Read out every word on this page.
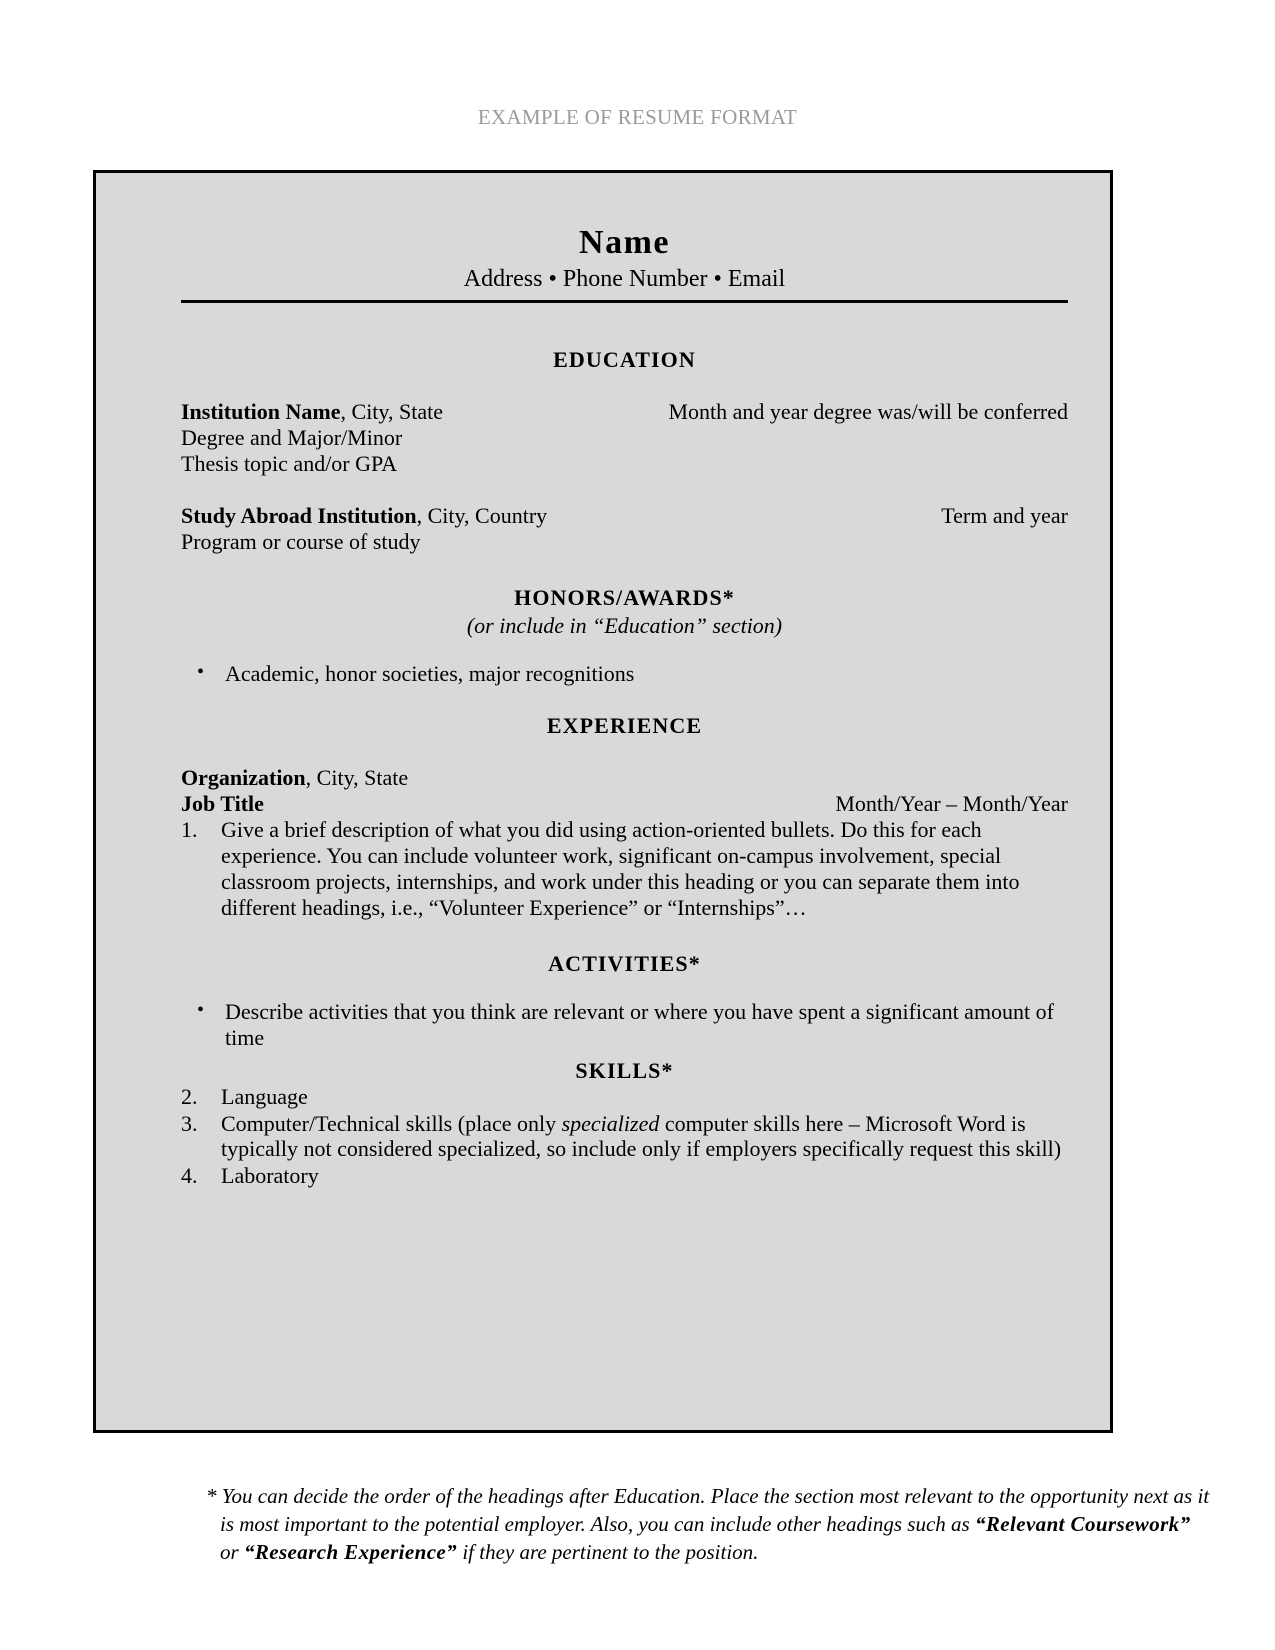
EXAMPLE OF RESUME FORMAT
Name
Address • Phone Number • Email
EDUCATION
Institution Name, City, State	Month and year degree was/will be conferred
Degree and Major/Minor
Thesis topic and/or GPA
Study Abroad Institution, City, Country	Term and year
Program or course of study
HONORS/AWARDS*
(or include in “Education” section)
• Academic, honor societies, major recognitions
EXPERIENCE
Organization, City, State
Job Title	Month/Year – Month/Year
1. Give a brief description of what you did using action-oriented bullets. Do this for each experience. You can include volunteer work, significant on-campus involvement, special classroom projects, internships, and work under this heading or you can separate them into different headings, i.e., “Volunteer Experience” or “Internships”…
ACTIVITIES*
• Describe activities that you think are relevant or where you have spent a significant amount of time
SKILLS*
2. Language
3. Computer/Technical skills (place only specialized computer skills here – Microsoft Word is typically not considered specialized, so include only if employers specifically request this skill)
4. Laboratory
* You can decide the order of the headings after Education. Place the section most relevant to the opportunity next as it is most important to the potential employer. Also, you can include other headings such as “Relevant Coursework” or “Research Experience” if they are pertinent to the position.
